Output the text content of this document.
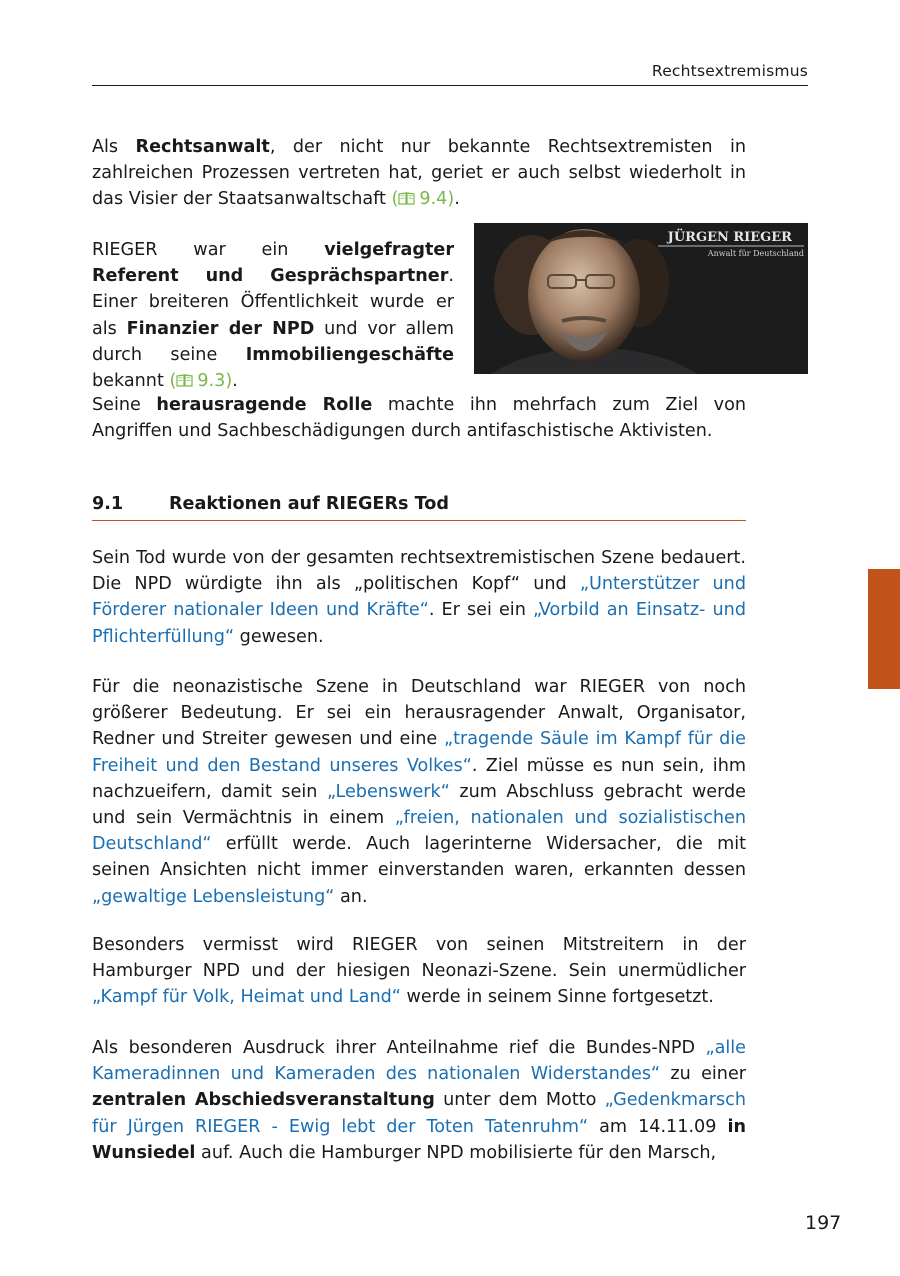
Rechtsextremismus

Als Rechtsanwalt, der nicht nur bekannte Rechtsextremisten in zahlreichen Prozessen vertreten hat, geriet er auch selbst wiederholt in das Visier der Staatsanwaltschaft ( 9.4).

RIEGER war ein vielgefragter Referent und Gesprächspartner. Einer breiteren Öffentlichkeit wurde er als Finanzier der NPD und vor allem durch seine Immobiliengeschäfte bekannt ( 9.3).

JÜRGEN RIEGER
Anwalt für Deutschland

Seine herausragende Rolle machte ihn mehrfach zum Ziel von Angriffen und Sachbeschädigungen durch antifaschistische Aktivisten.

9.1	Reaktionen auf RIEGERs Tod

Sein Tod wurde von der gesamten rechtsextremistischen Szene bedauert. Die NPD würdigte ihn als „politischen Kopf“ und „Unterstützer und Förderer nationaler Ideen und Kräfte“. Er sei ein „Vorbild an Einsatz- und Pflichterfüllung“ gewesen.

Für die neonazistische Szene in Deutschland war RIEGER von noch größerer Bedeutung. Er sei ein herausragender Anwalt, Organisator, Redner und Streiter gewesen und eine „tragende Säule im Kampf für die Freiheit und den Bestand unseres Volkes“. Ziel müsse es nun sein, ihm nachzueifern, damit sein „Lebenswerk“ zum Abschluss gebracht werde und sein Vermächtnis in einem „freien, nationalen und sozialistischen Deutschland“ erfüllt werde. Auch lagerinterne Widersacher, die mit seinen Ansichten nicht immer einverstanden waren, erkannten dessen „gewaltige Lebensleistung“ an.

Besonders vermisst wird RIEGER von seinen Mitstreitern in der Hamburger NPD und der hiesigen Neonazi-Szene. Sein unermüdlicher „Kampf für Volk, Heimat und Land“ werde in seinem Sinne fortgesetzt.

Als besonderen Ausdruck ihrer Anteilnahme rief die Bundes-NPD „alle Kameradinnen und Kameraden des nationalen Widerstandes“ zu einer zentralen Abschiedsveranstaltung unter dem Motto „Gedenkmarsch für Jürgen RIEGER - Ewig lebt der Toten Tatenruhm“ am 14.11.09 in Wunsiedel auf. Auch die Hamburger NPD mobilisierte für den Marsch,

197
